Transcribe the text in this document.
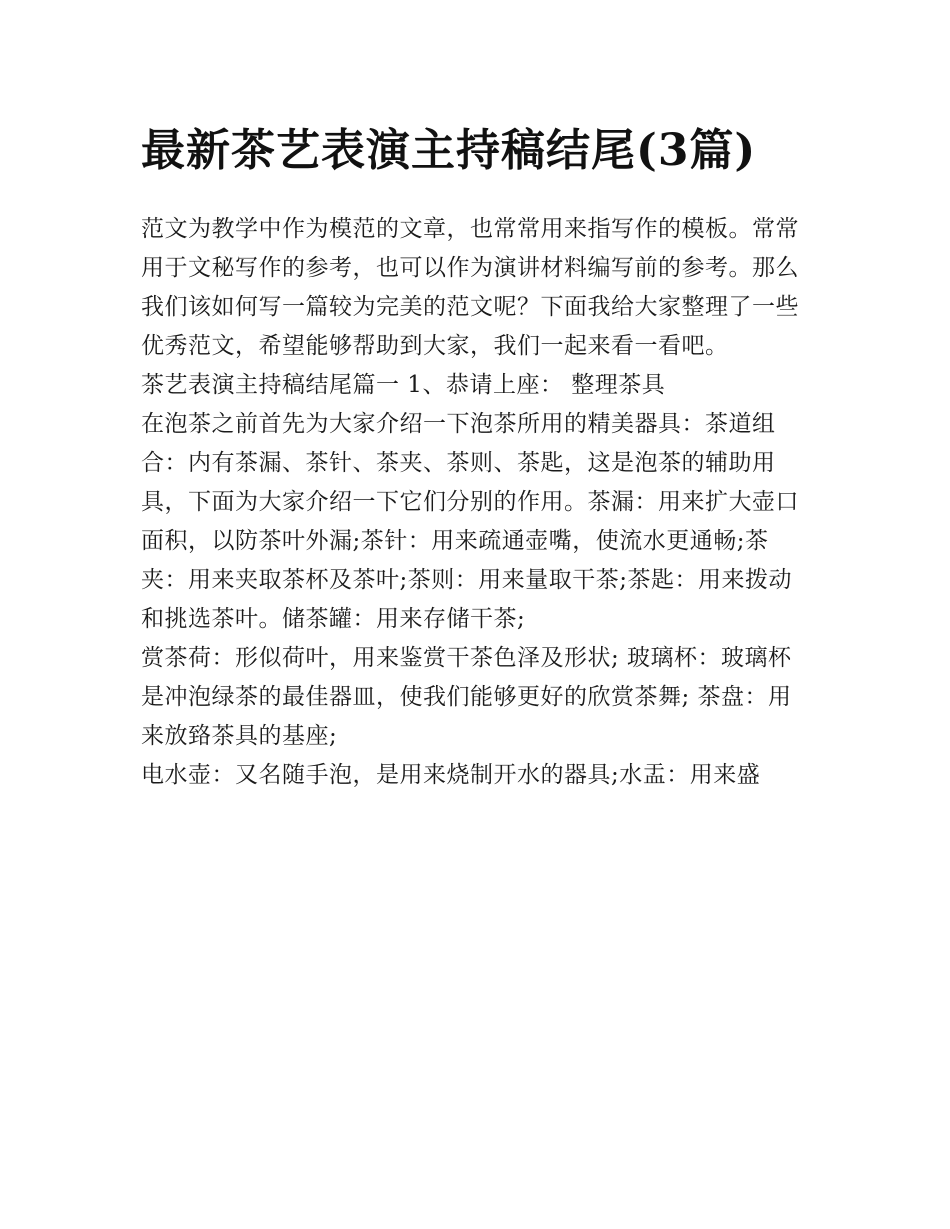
最新茶艺表演主持稿结尾(3篇)

范文为教学中作为模范的文章，也常常用来指写作的模板。常常用于文秘写作的参考，也可以作为演讲材料编写前的参考。那么我们该如何写一篇较为完美的范文呢？下面我给大家整理了一些优秀范文，希望能够帮助到大家，我们一起来看一看吧。

茶艺表演主持稿结尾篇一 1、恭请上座： 整理茶具

在泡茶之前首先为大家介绍一下泡茶所用的精美器具：茶道组合：内有茶漏、茶针、茶夹、茶则、茶匙，这是泡茶的辅助用具，下面为大家介绍一下它们分别的作用。茶漏：用来扩大壶口面积，以防茶叶外漏;茶针：用来疏通壶嘴，使流水更通畅;茶夹：用来夹取茶杯及茶叶;茶则：用来量取干茶;茶匙：用来拨动和挑选茶叶。储茶罐：用来存储干茶;

赏茶荷：形似荷叶，用来鉴赏干茶色泽及形状; 玻璃杯：玻璃杯是冲泡绿茶的最佳器皿，使我们能够更好的欣赏茶舞; 茶盘：用来放臵茶具的基座;

电水壶：又名随手泡，是用来烧制开水的器具;水盂：用来盛
